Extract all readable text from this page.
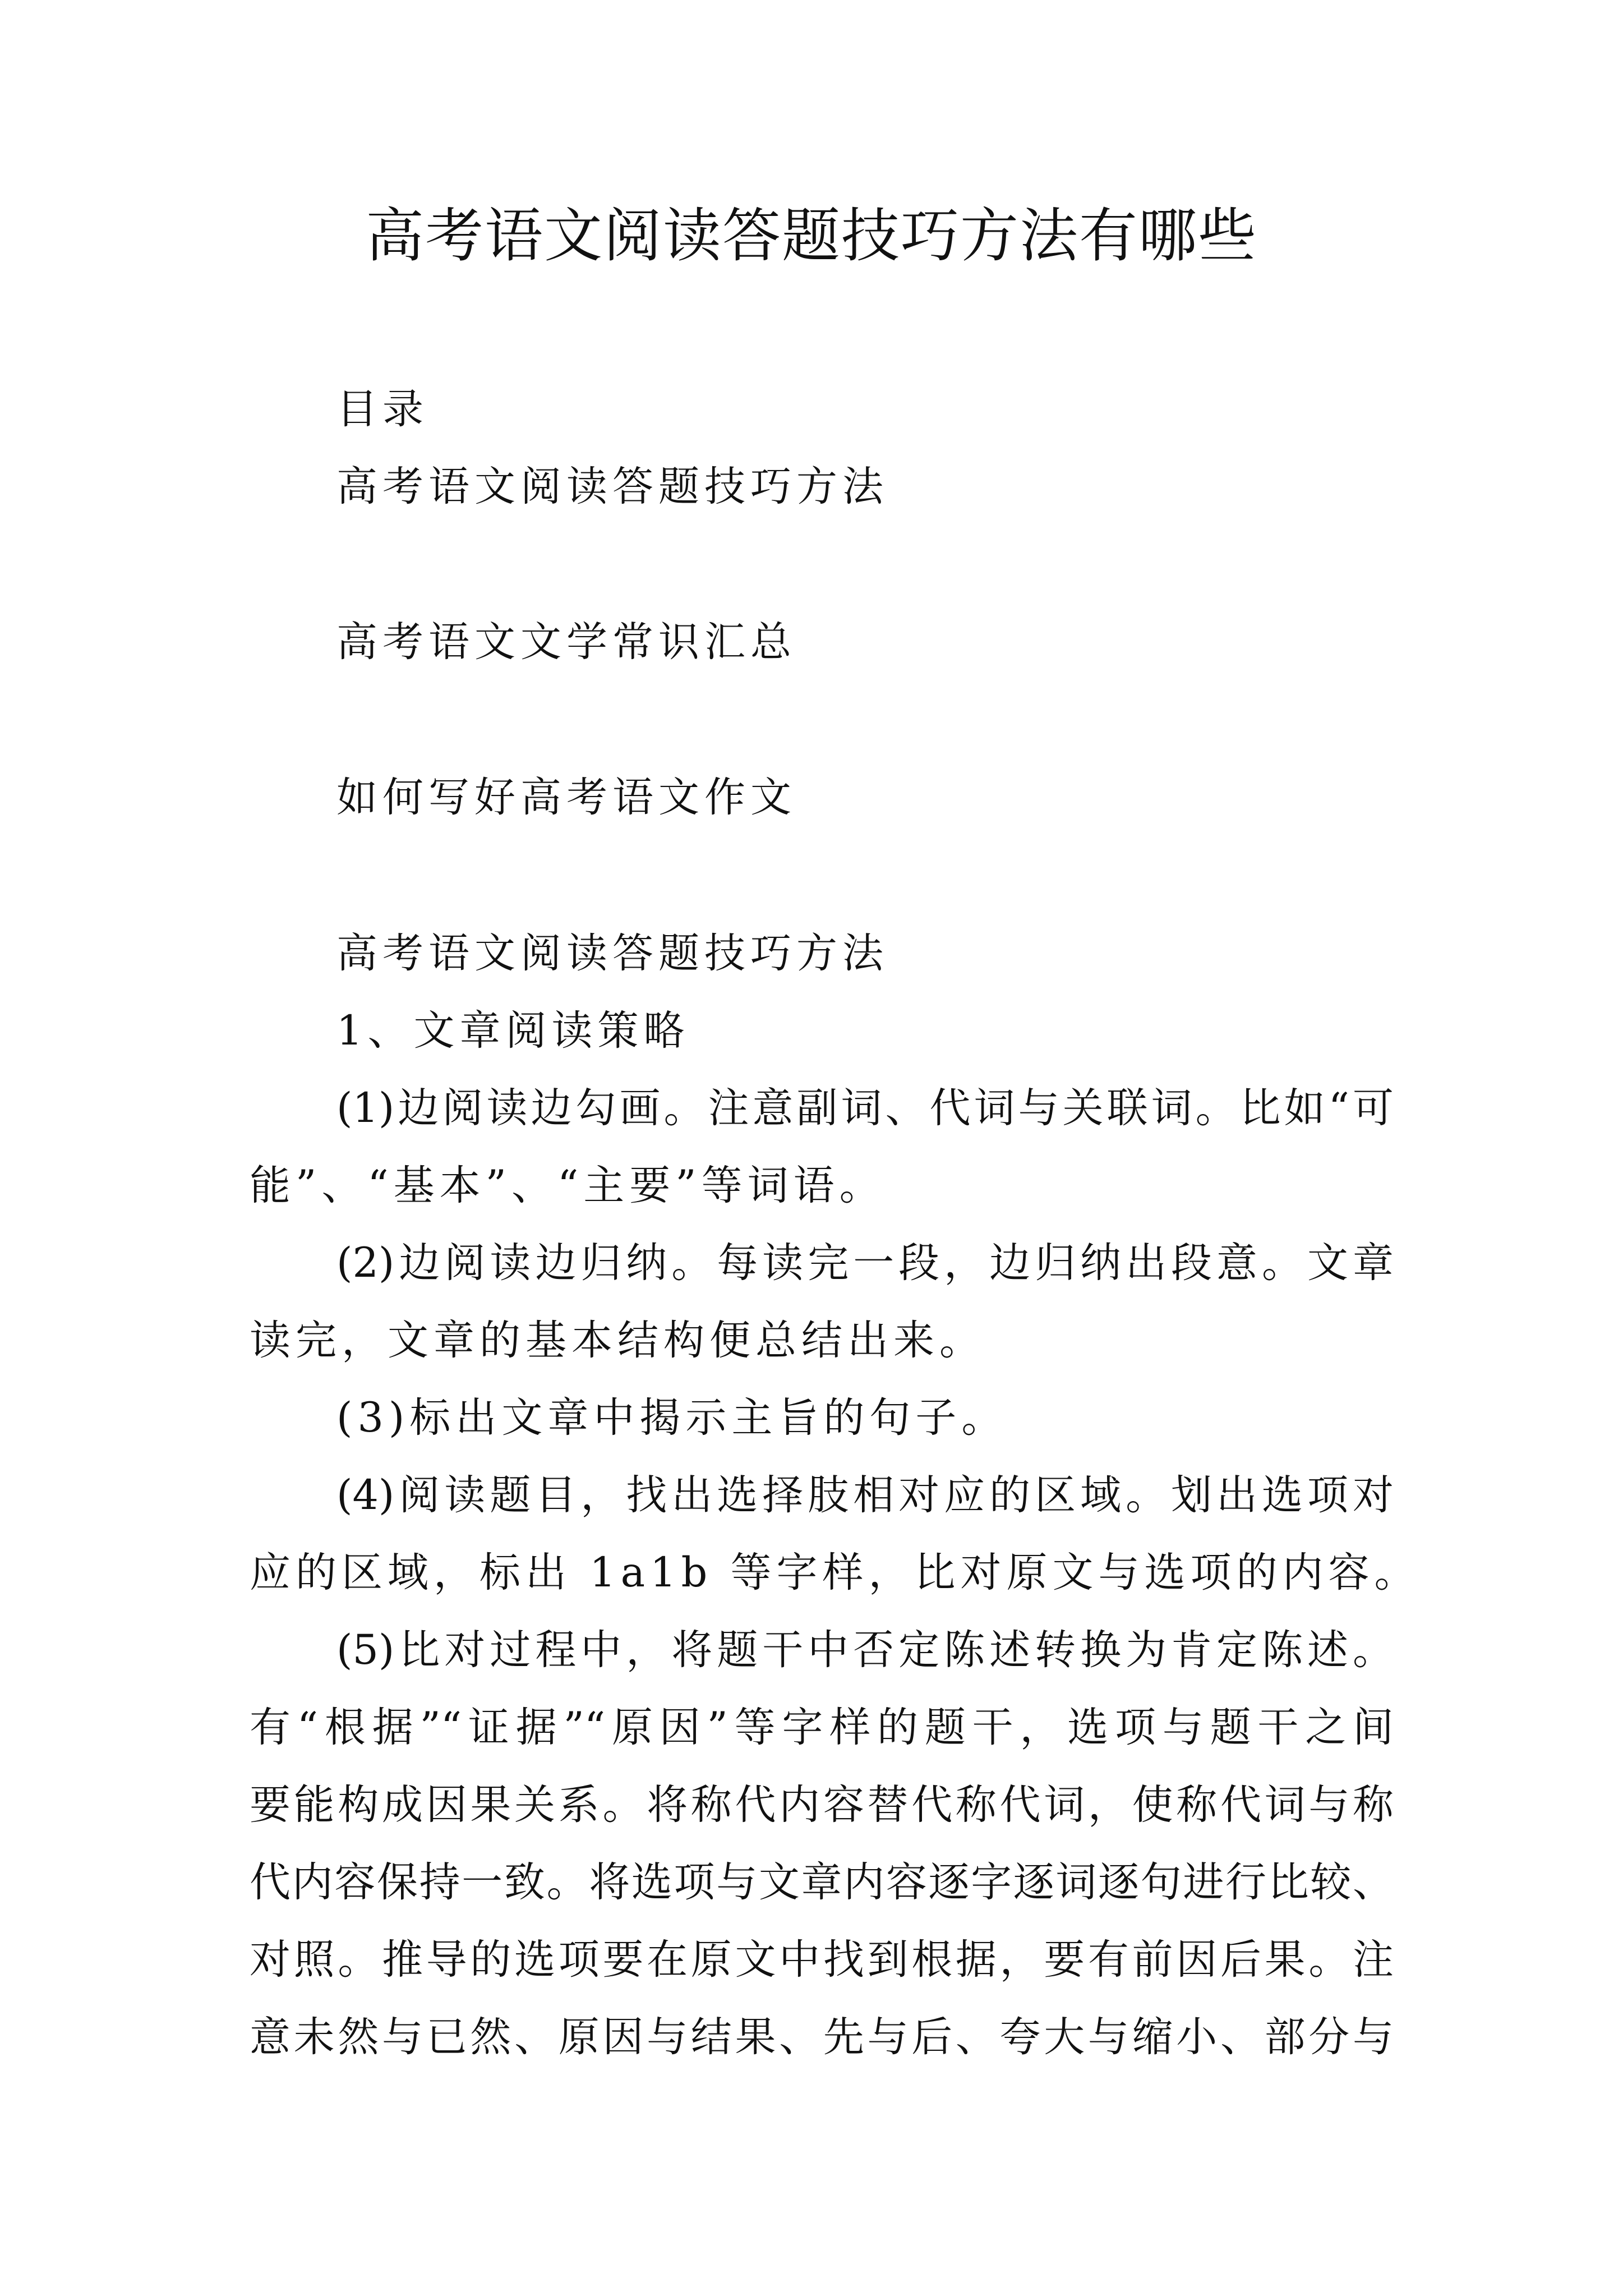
高考语文阅读答题技巧方法有哪些
目录
高考语文阅读答题技巧方法
高考语文文学常识汇总
如何写好高考语文作文
高考语文阅读答题技巧方法
1、文章阅读策略
(1)边阅读边勾画。注意副词、代词与关联词。比如“可
能”、“基本”、“主要”等词语。
(2)边阅读边归纳。每读完一段，边归纳出段意。文章
读完，文章的基本结构便总结出来。
(3)标出文章中揭示主旨的句子。
(4)阅读题目，找出选择肢相对应的区域。划出选项对
应的区域，标出 1a1b 等字样，比对原文与选项的内容。
(5)比对过程中，将题干中否定陈述转换为肯定陈述。
有“根据”“证据”“原因”等字样的题干，选项与题干之间
要能构成因果关系。将称代内容替代称代词，使称代词与称
代内容保持一致。将选项与文章内容逐字逐词逐句进行比较、
对照。推导的选项要在原文中找到根据，要有前因后果。注
意未然与已然、原因与结果、先与后、夸大与缩小、部分与
